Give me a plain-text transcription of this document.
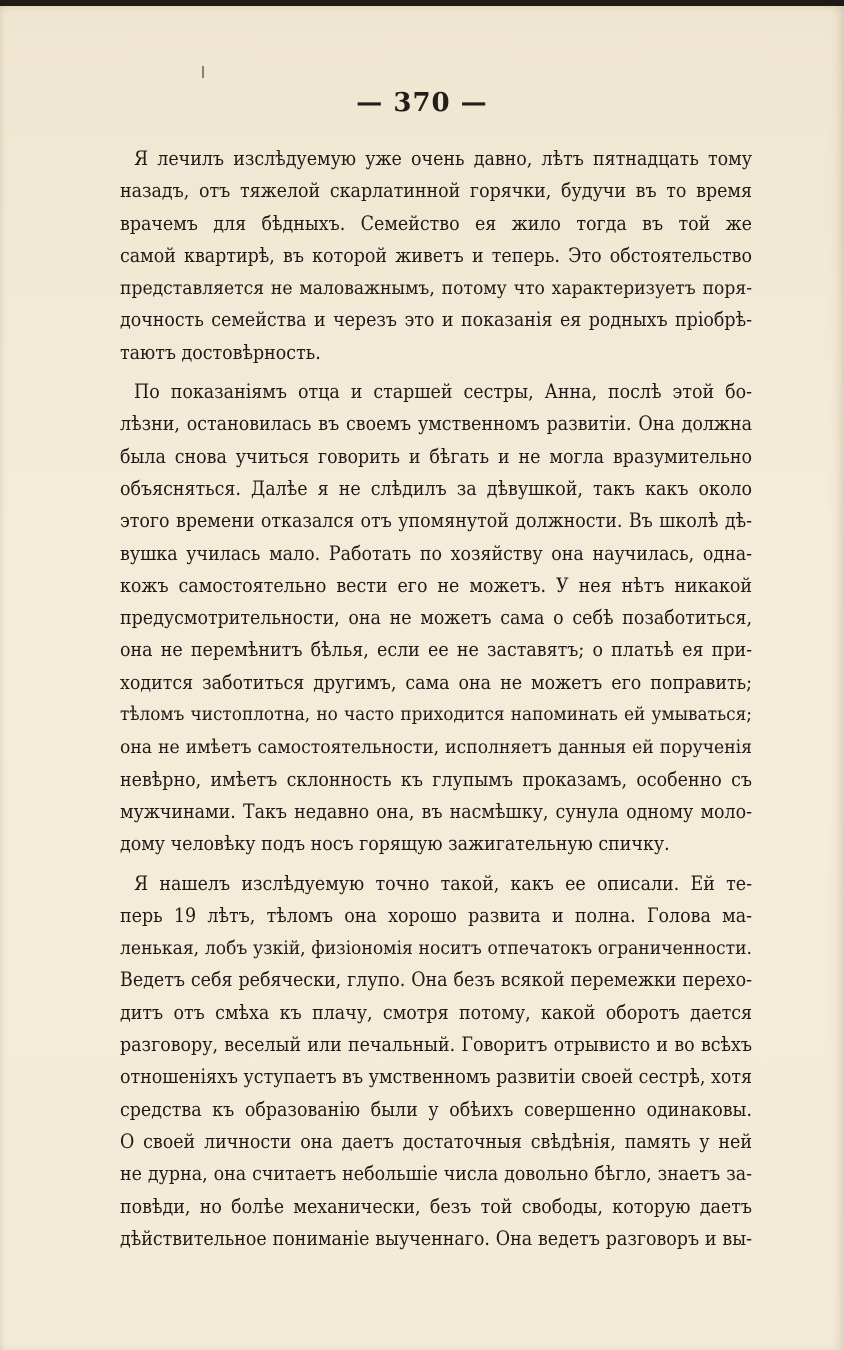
— 370 —
Я лечилъ изслѣдуемую уже очень давно, лѣтъ пятнадцать тому
назадъ, отъ тяжелой скарлатинной горячки, будучи въ то время
врачемъ для бѣдныхъ. Семейство ея жило тогда въ той же
самой квартирѣ, въ которой живетъ и теперь. Это обстоятельство
представляется не маловажнымъ, потому что характеризуетъ поря-
дочность семейства и черезъ это и показанія ея родныхъ пріобрѣ-
таютъ достовѣрность.
По показаніямъ отца и старшей сестры, Анна, послѣ этой бо-
лѣзни, остановилась въ своемъ умственномъ развитіи. Она должна
была снова учиться говорить и бѣгать и не могла вразумительно
объясняться. Далѣе я не слѣдилъ за дѣвушкой, такъ какъ около
этого времени отказался отъ упомянутой должности. Въ школѣ дѣ-
вушка училась мало. Работать по хозяйству она научилась, одна-
кожъ самостоятельно вести его не можетъ. У нея нѣтъ никакой
предусмотрительности, она не можетъ сама о себѣ позаботиться,
она не перемѣнитъ бѣлья, если ее не заставятъ; о платьѣ ея при-
ходится заботиться другимъ, сама она не можетъ его поправить;
тѣломъ чистоплотна, но часто приходится напоминать ей умываться;
она не имѣетъ самостоятельности, исполняетъ данныя ей порученія
невѣрно, имѣетъ склонность къ глупымъ проказамъ, особенно съ
мужчинами. Такъ недавно она, въ насмѣшку, сунула одному моло-
дому человѣку подъ носъ горящую зажигательную спичку.
Я нашелъ изслѣдуемую точно такой, какъ ее описали. Ей те-
перь 19 лѣтъ, тѣломъ она хорошо развита и полна. Голова ма-
ленькая, лобъ узкій, физіономія носитъ отпечатокъ ограниченности.
Ведетъ себя ребячески, глупо. Она безъ всякой перемежки перехо-
дитъ отъ смѣха къ плачу, смотря потому, какой оборотъ дается
разговору, веселый или печальный. Говоритъ отрывисто и во всѣхъ
отношеніяхъ уступаетъ въ умственномъ развитіи своей сестрѣ, хотя
средства къ образованію были у обѣихъ совершенно одинаковы.
О своей личности она даетъ достаточныя свѣдѣнія, память у ней
не дурна, она считаетъ небольшіе числа довольно бѣгло, знаетъ за-
повѣди, но болѣе механически, безъ той свободы, которую даетъ
дѣйствительное пониманіе выученнаго. Она ведетъ разговоръ и вы-
